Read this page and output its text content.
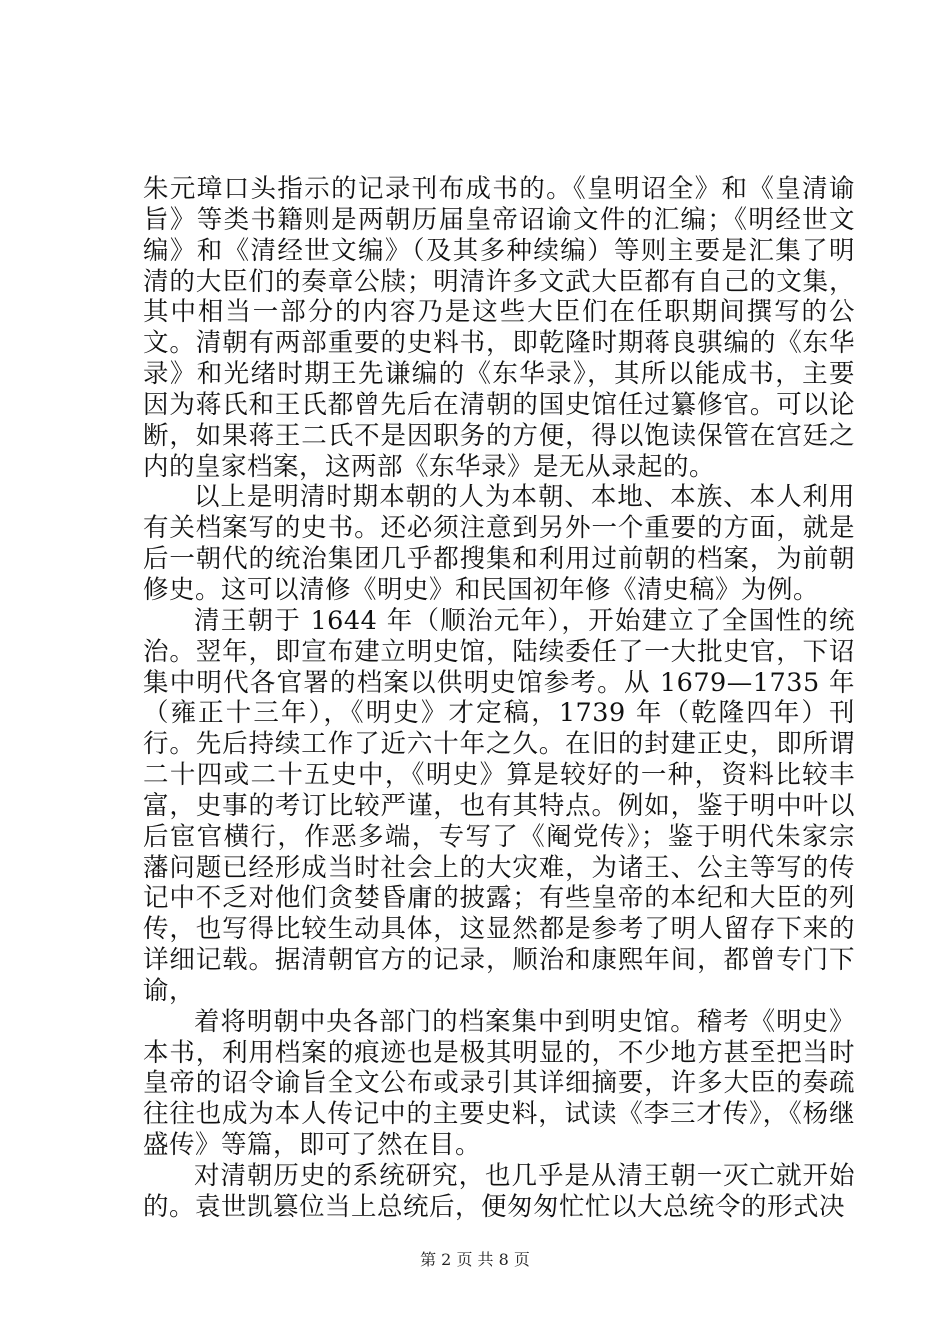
朱元璋口头指示的记录刊布成书的。《皇明诏全》和《皇清谕旨》等类书籍则是两朝历届皇帝诏谕文件的汇编；《明经世文编》和《清经世文编》（及其多种续编）等则主要是汇集了明清的大臣们的奏章公牍；明清许多文武大臣都有自己的文集，其中相当一部分的内容乃是这些大臣们在任职期间撰写的公文。清朝有两部重要的史料书，即乾隆时期蒋良骐编的《东华录》和光绪时期王先谦编的《东华录》，其所以能成书，主要因为蒋氏和王氏都曾先后在清朝的国史馆任过纂修官。可以论断，如果蒋王二氏不是因职务的方便，得以饱读保管在宫廷之内的皇家档案，这两部《东华录》是无从录起的。

以上是明清时期本朝的人为本朝、本地、本族、本人利用有关档案写的史书。还必须注意到另外一个重要的方面，就是后一朝代的统治集团几乎都搜集和利用过前朝的档案，为前朝修史。这可以清修《明史》和民国初年修《清史稿》为例。

清王朝于 1644 年（顺治元年），开始建立了全国性的统治。翌年，即宣布建立明史馆，陆续委任了一大批史官，下诏集中明代各官署的档案以供明史馆参考。从 1679—1735 年（雍正十三年），《明史》才定稿，1739 年（乾隆四年）刊行。先后持续工作了近六十年之久。在旧的封建正史，即所谓二十四或二十五史中，《明史》算是较好的一种，资料比较丰富，史事的考订比较严谨，也有其特点。例如，鉴于明中叶以后宦官横行，作恶多端，专写了《阉党传》；鉴于明代朱家宗藩问题已经形成当时社会上的大灾难，为诸王、公主等写的传记中不乏对他们贪婪昏庸的披露；有些皇帝的本纪和大臣的列传，也写得比较生动具体，这显然都是参考了明人留存下来的详细记载。据清朝官方的记录，顺治和康熙年间，都曾专门下谕，

着将明朝中央各部门的档案集中到明史馆。稽考《明史》本书，利用档案的痕迹也是极其明显的，不少地方甚至把当时皇帝的诏令谕旨全文公布或录引其详细摘要，许多大臣的奏疏往往也成为本人传记中的主要史料，试读《李三才传》，《杨继盛传》等篇，即可了然在目。

对清朝历史的系统研究，也几乎是从清王朝一灭亡就开始的。袁世凯篡位当上总统后，便匆匆忙忙以大总统令的形式决

第 2 页 共 8 页
